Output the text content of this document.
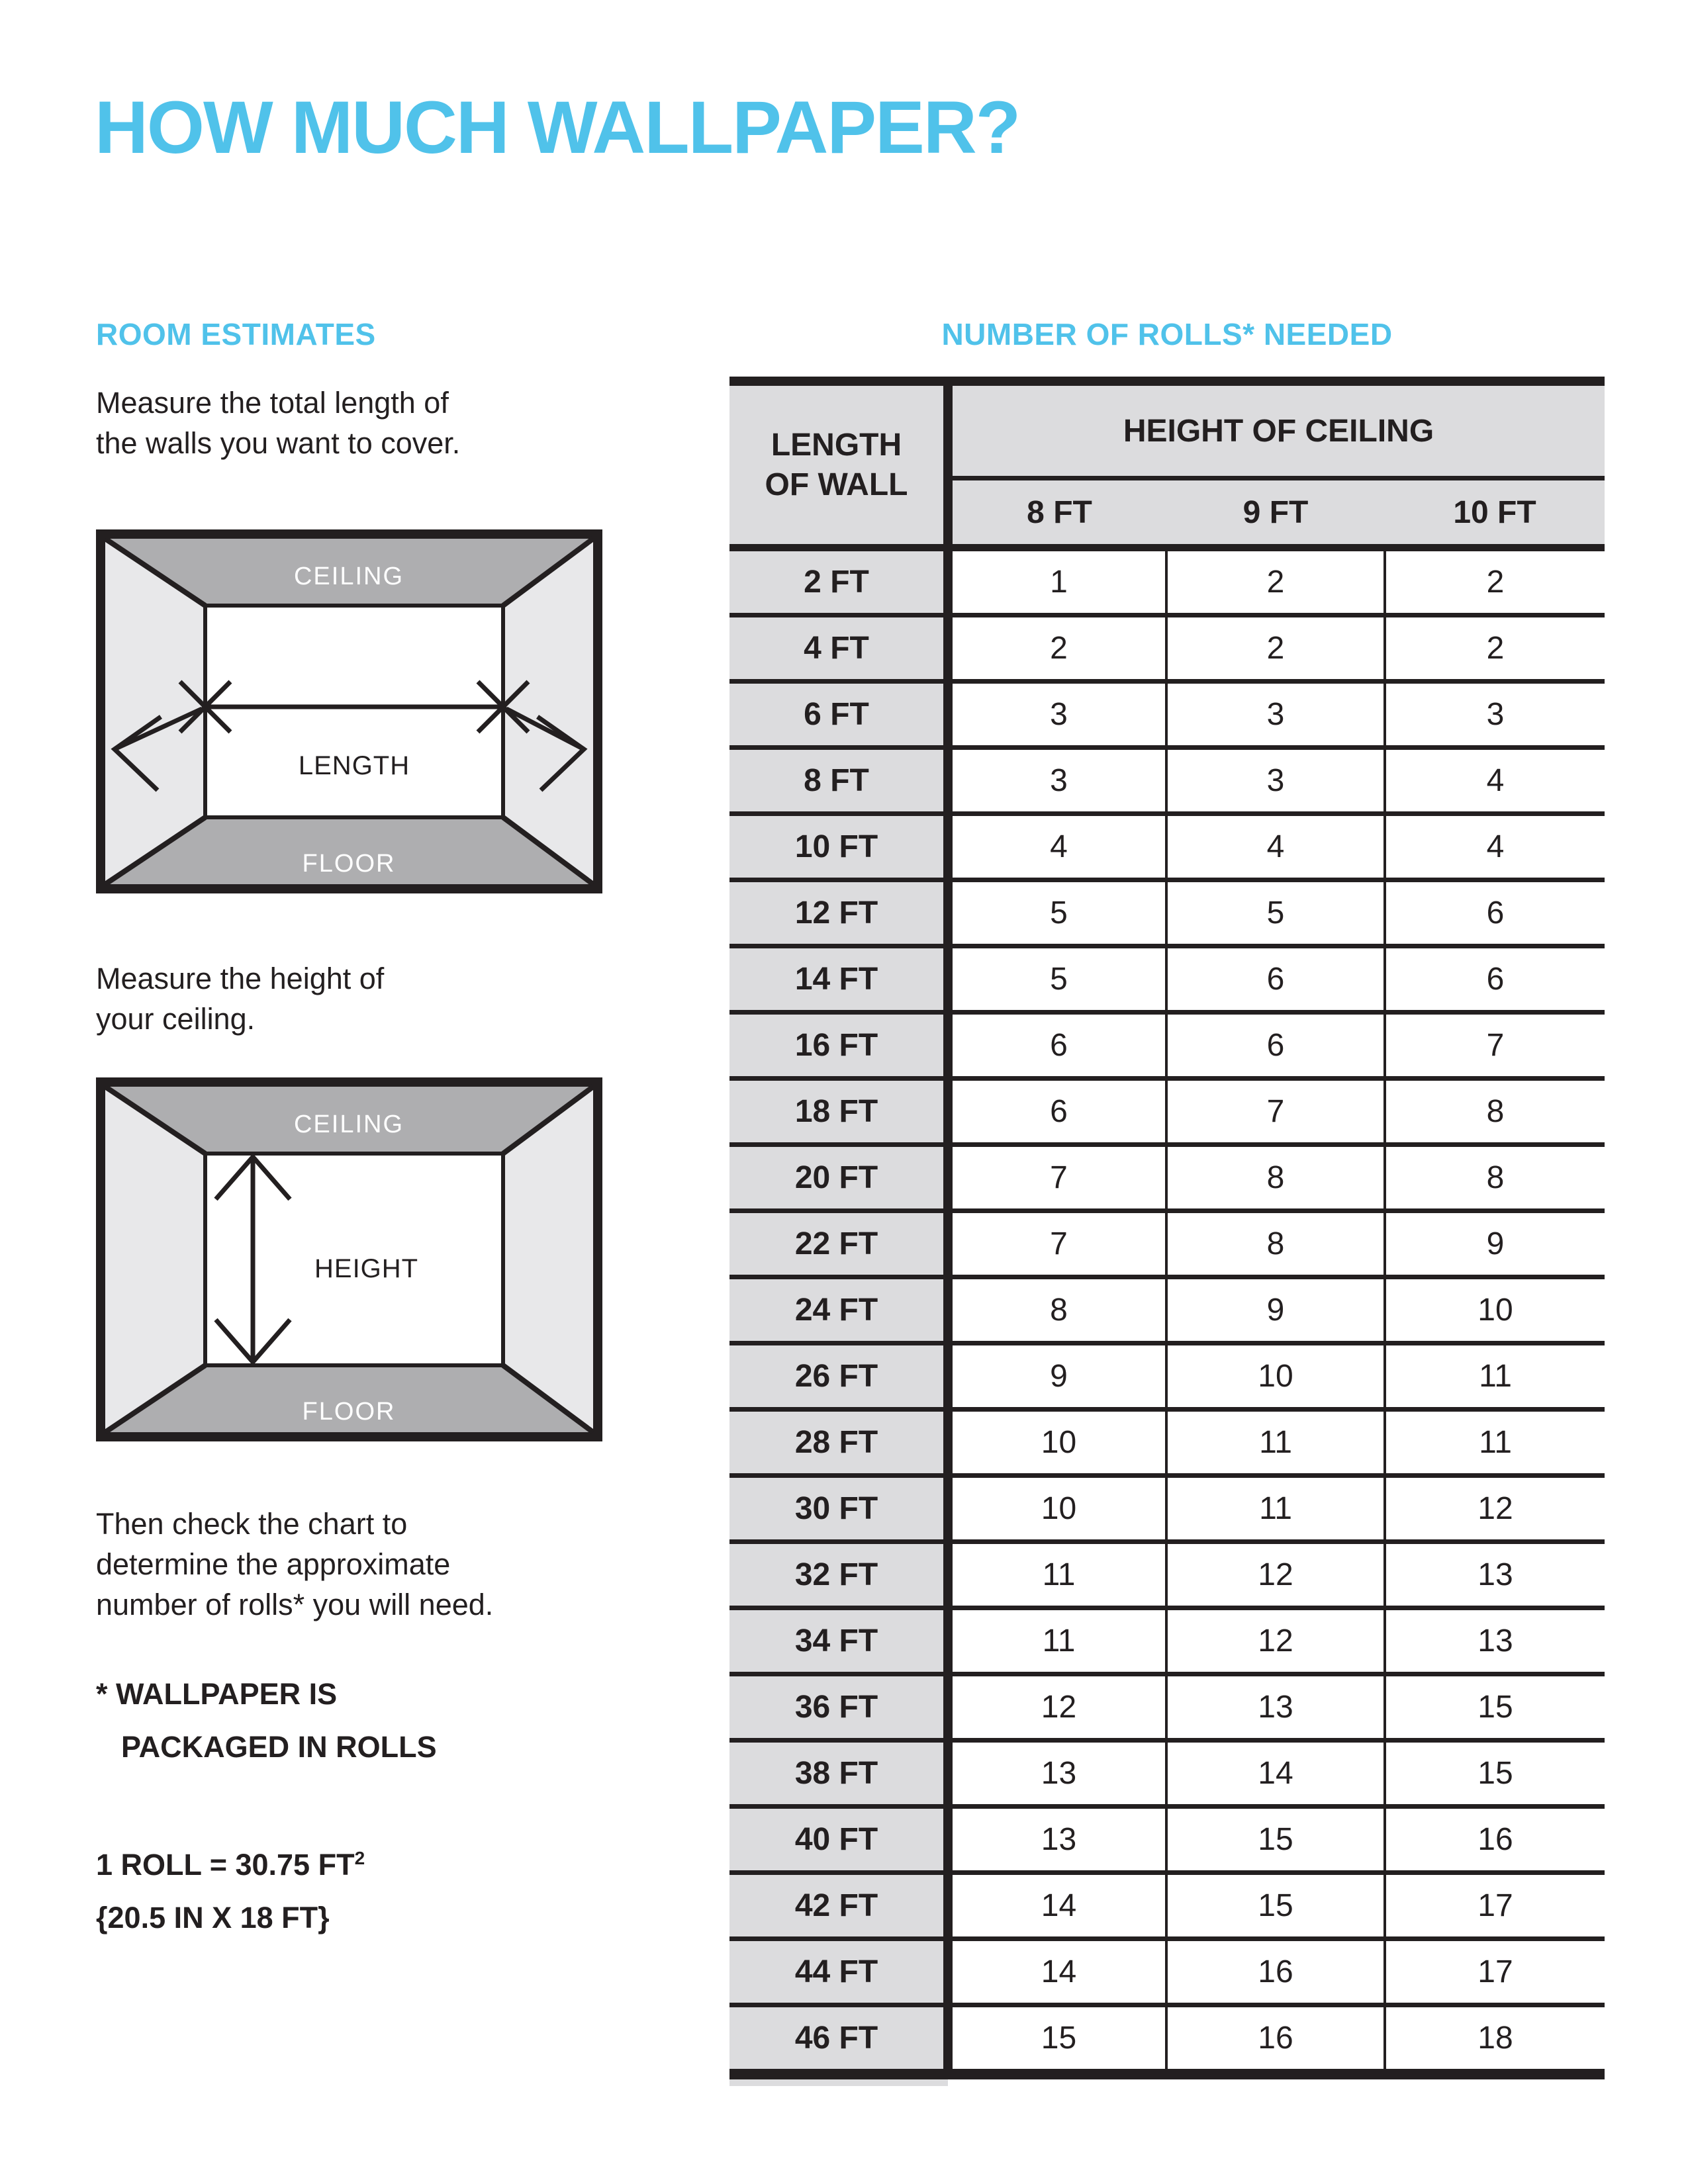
HOW MUCH WALLPAPER?
ROOM ESTIMATES
Measure the total length of
the walls you want to cover.
CEILING
FLOOR
LENGTH
Measure the height of
your ceiling.
CEILING
FLOOR
HEIGHT
Then check the chart to
determine the approximate
number of rolls* you will need.
* WALLPAPER IS
PACKAGED IN ROLLS
1 ROLL = 30.75 $FT^2$
{20.5 IN X 18 FT}
NUMBER OF ROLLS* NEEDED
LENGTH
OF WALL	HEIGHT OF CEILING		
	8 FT	9 FT	10 FT
2 FT	1	2	2
4 FT	2	2	2
6 FT	3	3	3
8 FT	3	3	4
10 FT	4	4	4
12 FT	5	5	6
14 FT	5	6	6
16 FT	6	6	7
18 FT	6	7	8
20 FT	7	8	8
22 FT	7	8	9
24 FT	8	9	10
26 FT	9	10	11
28 FT	10	11	11
30 FT	10	11	12
32 FT	11	12	13
34 FT	11	12	13
36 FT	12	13	15
38 FT	13	14	15
40 FT	13	15	16
42 FT	14	15	17
44 FT	14	16	17
46 FT	15	16	18
